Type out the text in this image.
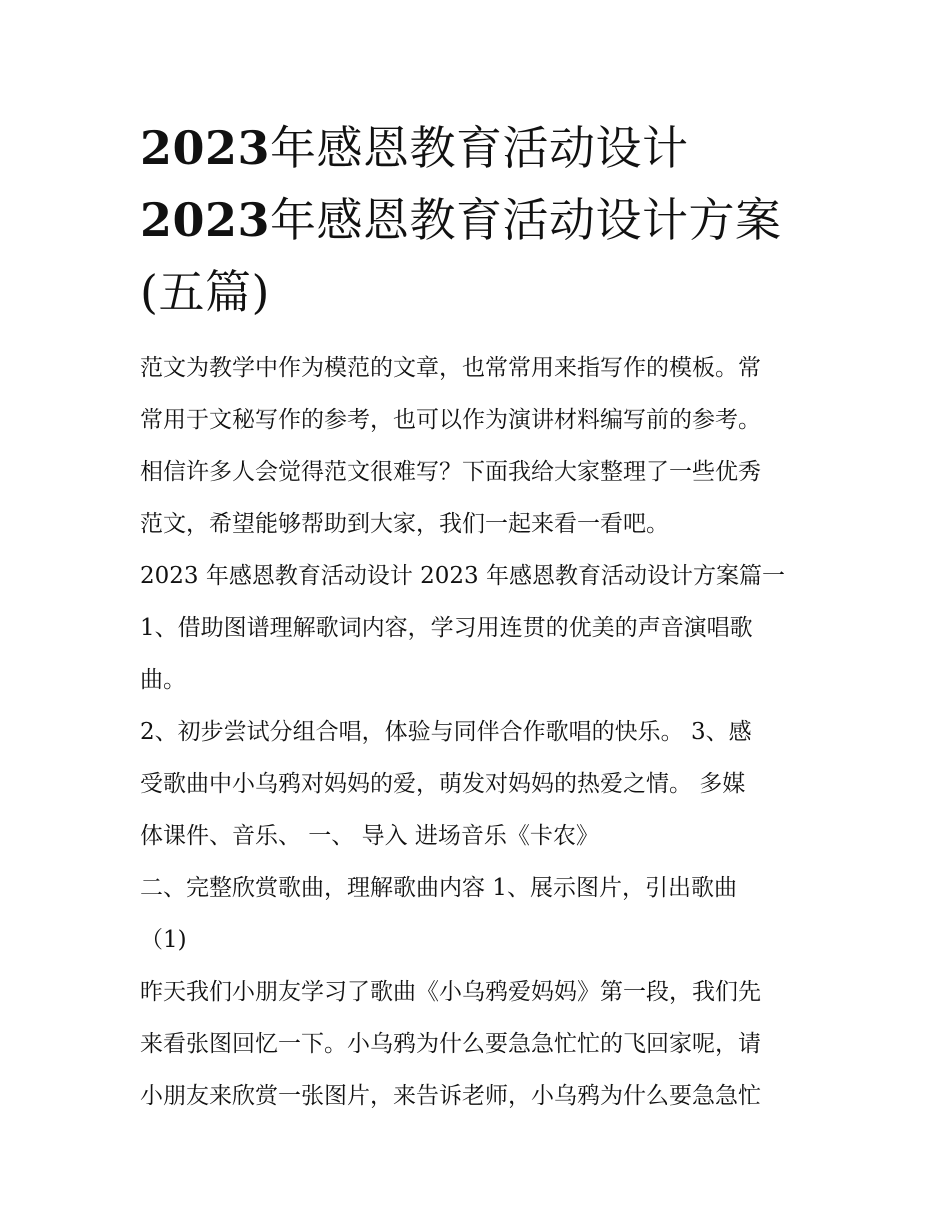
2023年感恩教育活动设计
2023年感恩教育活动设计方案
(五篇)
范文为教学中作为模范的文章，也常常用来指写作的模板。常
常用于文秘写作的参考，也可以作为演讲材料编写前的参考。
相信许多人会觉得范文很难写？下面我给大家整理了一些优秀
范文，希望能够帮助到大家，我们一起来看一看吧。
2023 年感恩教育活动设计 2023 年感恩教育活动设计方案篇一
1、借助图谱理解歌词内容，学习用连贯的优美的声音演唱歌
曲。
2、初步尝试分组合唱，体验与同伴合作歌唱的快乐。 3、感
受歌曲中小乌鸦对妈妈的爱，萌发对妈妈的热爱之情。 多媒
体课件、音乐、 一、 导入 进场音乐《卡农》
二、完整欣赏歌曲，理解歌曲内容 1、展示图片，引出歌曲
（1)
昨天我们小朋友学习了歌曲《小乌鸦爱妈妈》第一段，我们先
来看张图回忆一下。小乌鸦为什么要急急忙忙的飞回家呢，请
小朋友来欣赏一张图片，来告诉老师，小乌鸦为什么要急急忙
